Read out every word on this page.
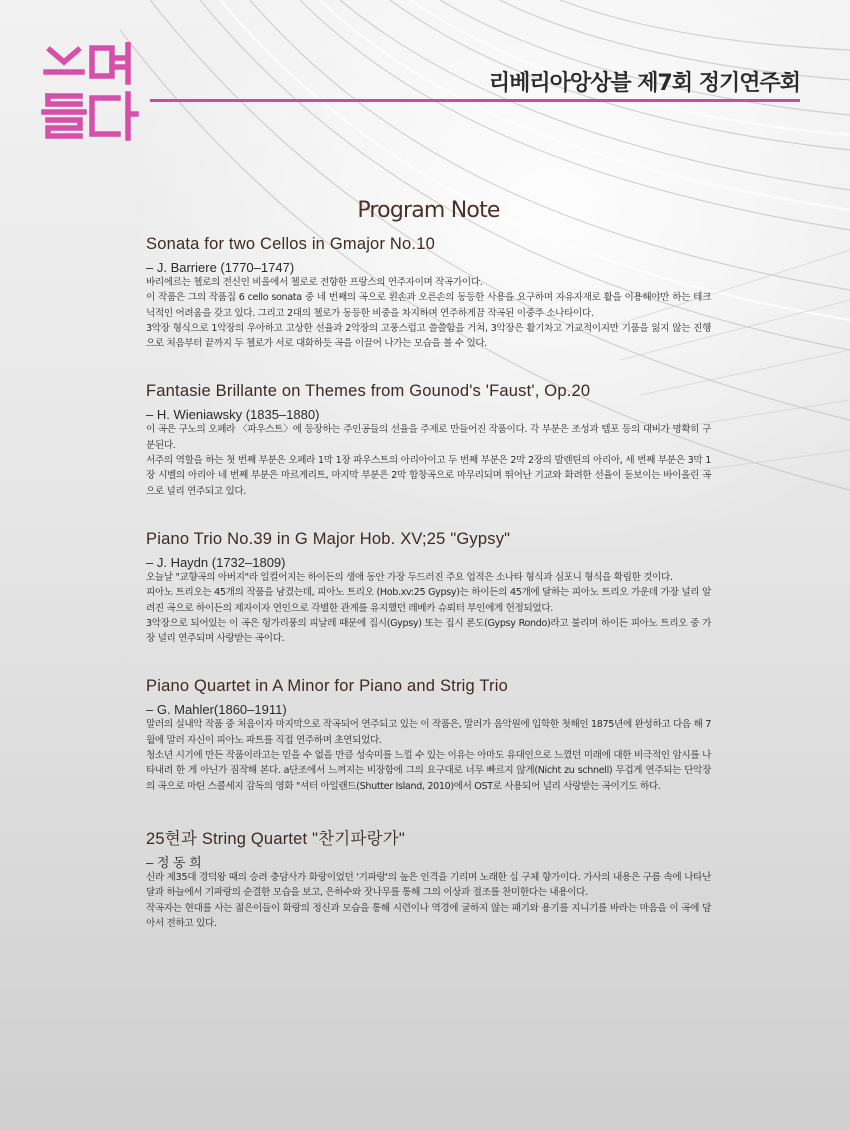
리베리아앙상블 제7회 정기연주회
Program Note
Sonata for two Cellos in Gmajor No.10
– J. Barriere (1770–1747)

바리에르는 첼로의 전신인 비올에서 첼로로 전향한 프랑스의 연주자이며 작곡가이다.

이 작품은 그의 작품집 6 cello sonata 중 네 번째의 곡으로 왼손과 오른손의 동등한 사용을 요구하며 자유자재로 활을 이용해야만 하는 테크닉적인 어려움을 갖고 있다. 그리고 2대의 첼로가 동등한 비중을 차지하며 연주하게끔 작곡된 이중주 소나타이다.

3악장 형식으로 1악장의 우아하고 고상한 선율과 2악장의 고풍스럽고 쓸쓸함을 거쳐, 3악장은 활기차고 기교적이지만 기품을 잃지 않는 진행으로 처음부터 끝까지 두 첼로가 서로 대화하듯 곡을 이끌어 나가는 모습을 볼 수 있다.

Fantasie Brillante on Themes from Gounod's 'Faust', Op.20
– H. Wieniawsky (1835–1880)

이 곡은 구노의 오페라 〈파우스트〉에 등장하는 주인공들의 선율을 주제로 만들어진 작품이다. 각 부분은 조성과 템포 등의 대비가 명확히 구분된다.

서주의 역할을 하는 첫 번째 부분은 오페라 1막 1장 파우스트의 아리아이고 두 번째 부분은 2막 2장의 발렌틴의 아리아, 세 번째 부분은 3막 1장 시벨의 아리아 네 번째 부분은 마르게리트, 마지막 부분은 2막 합창곡으로 마무리되며 뛰어난 기교와 화려한 선율이 돋보이는 바이올린 곡으로 널리 연주되고 있다.

Piano Trio No.39 in G Major Hob. XV;25 "Gypsy"
– J. Haydn (1732–1809)

오늘날 "교향곡의 아버지"라 일컬어지는 하이든의 생애 동안 가장 두드러진 주요 업적은 소나타 형식과 심포니 형식을 확립한 것이다.

피아노 트리오는 45개의 작품을 남겼는데, 피아노 트리오 (Hob.xv:25 Gypsy)는 하이든의 45개에 달하는 피아노 트리오 가운데 가장 널리 알려진 곡으로 하이든의 제자이자 연인으로 각별한 관계를 유지했던 레베카 슈뢰터 부인에게 헌정되었다.

3악장으로 되어있는 이 곡은 헝가리풍의 피날레 때문에 집시(Gypsy) 또는 집시 론도(Gypsy Rondo)라고 불리며 하이든 피아노 트리오 중 가장 널리 연주되며 사랑받는 곡이다.

Piano Quartet in A Minor for Piano and Strig Trio
– G. Mahler(1860–1911)

말러의 실내악 작품 중 처음이자 마지막으로 작곡되어 연주되고 있는 이 작품은, 말러가 음악원에 입학한 첫해인 1875년에 완성하고 다음 해 7월에 말러 자신이 피아노 파트를 직접 연주하며 초연되었다.

청소년 시기에 만든 작품이라고는 믿을 수 없을 만큼 성숙미를 느낄 수 있는 이유는 아마도 유대인으로 느꼈던 미래에 대한 비극적인 암시를 나타내려 한 게 아닌가 짐작해 본다. a단조에서 느껴지는 비장함에 그의 요구대로 너무 빠르지 않게(Nicht zu schnell) 무겁게 연주되는 단악장의 곡으로 마틴 스콜세지 감독의 영화 "셔터 아일랜드(Shutter Island, 2010)에서 OST로 사용되어 널리 사랑받는 곡이기도 하다.

25현과 String Quartet "찬기파랑가"
– 정 동 희

신라 제35대 경덕왕 때의 승려 충담사가 화랑이었던 '기파랑'의 높은 인격을 기리며 노래한 십 구체 향가이다. 가사의 내용은 구름 속에 나타난 달과 하늘에서 기파랑의 순결한 모습을 보고, 은하수와 잣나무를 통해 그의 이상과 절조를 찬미한다는 내용이다.

작곡자는 현대를 사는 젊은이들이 화랑의 정신과 모습을 통해 시련이나 역경에 굴하지 않는 패기와 용기를 지니기를 바라는 마음을 이 곡에 담아서 전하고 있다.
